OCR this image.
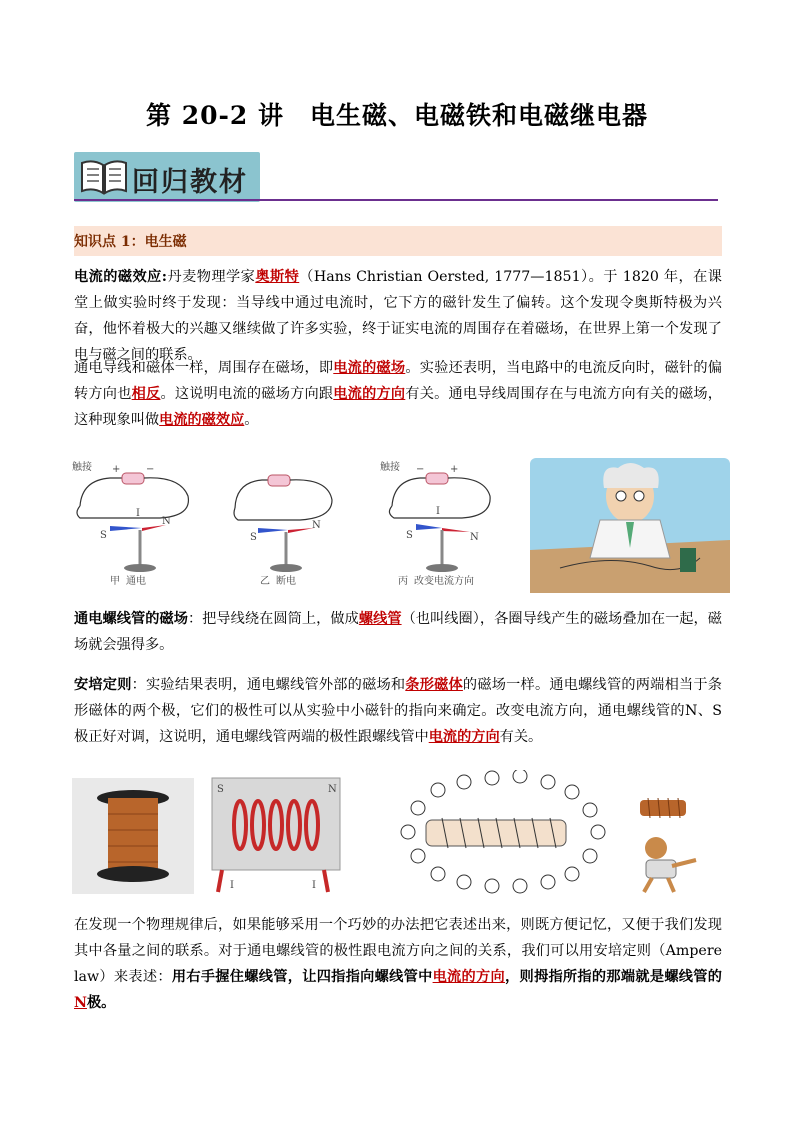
第 20-2 讲　电生磁、电磁铁和电磁继电器
回归教材
知识点 1：电生磁
电流的磁效应:丹麦物理学家奥斯特（Hans Christian Oersted, 1777—1851）。于 1820 年，在课堂上做实验时终于发现：当导线中通过电流时，它下方的磁针发生了偏转。这个发现令奥斯特极为兴奋，他怀着极大的兴趣又继续做了许多实验，终于证实电流的周围存在着磁场，在世界上第一个发现了电与磁之间的联系。
通电导线和磁体一样，周围存在磁场，即电流的磁场。实验还表明，当电路中的电流反向时，磁针的偏转方向也相反。这说明电流的磁场方向跟电流的方向有关。通电导线周围存在与电流方向有关的磁场，这种现象叫做电流的磁效应。
触接 +	−
I
S
N
甲 通电
S
N
乙 断电
触接 −	+
I
S	N
丙 改变电流方向
通电螺线管的磁场：把导线绕在圆筒上，做成螺线管（也叫线圈），各圈导线产生的磁场叠加在一起，磁场就会强得多。
安培定则：实验结果表明，通电螺线管外部的磁场和条形磁体的磁场一样。通电螺线管的两端相当于条形磁体的两个极，它们的极性可以从实验中小磁针的指向来确定。改变电流方向，通电螺线管的N、S 极正好对调，这说明，通电螺线管两端的极性跟螺线管中电流的方向有关。
S	N
I	I
在发现一个物理规律后，如果能够采用一个巧妙的办法把它表述出来，则既方便记忆，又便于我们发现其中各量之间的联系。对于通电螺线管的极性跟电流方向之间的关系，我们可以用安培定则（Ampere law）来表述：用右手握住螺线管，让四指指向螺线管中电流的方向，则拇指所指的那端就是螺线管的N极。
